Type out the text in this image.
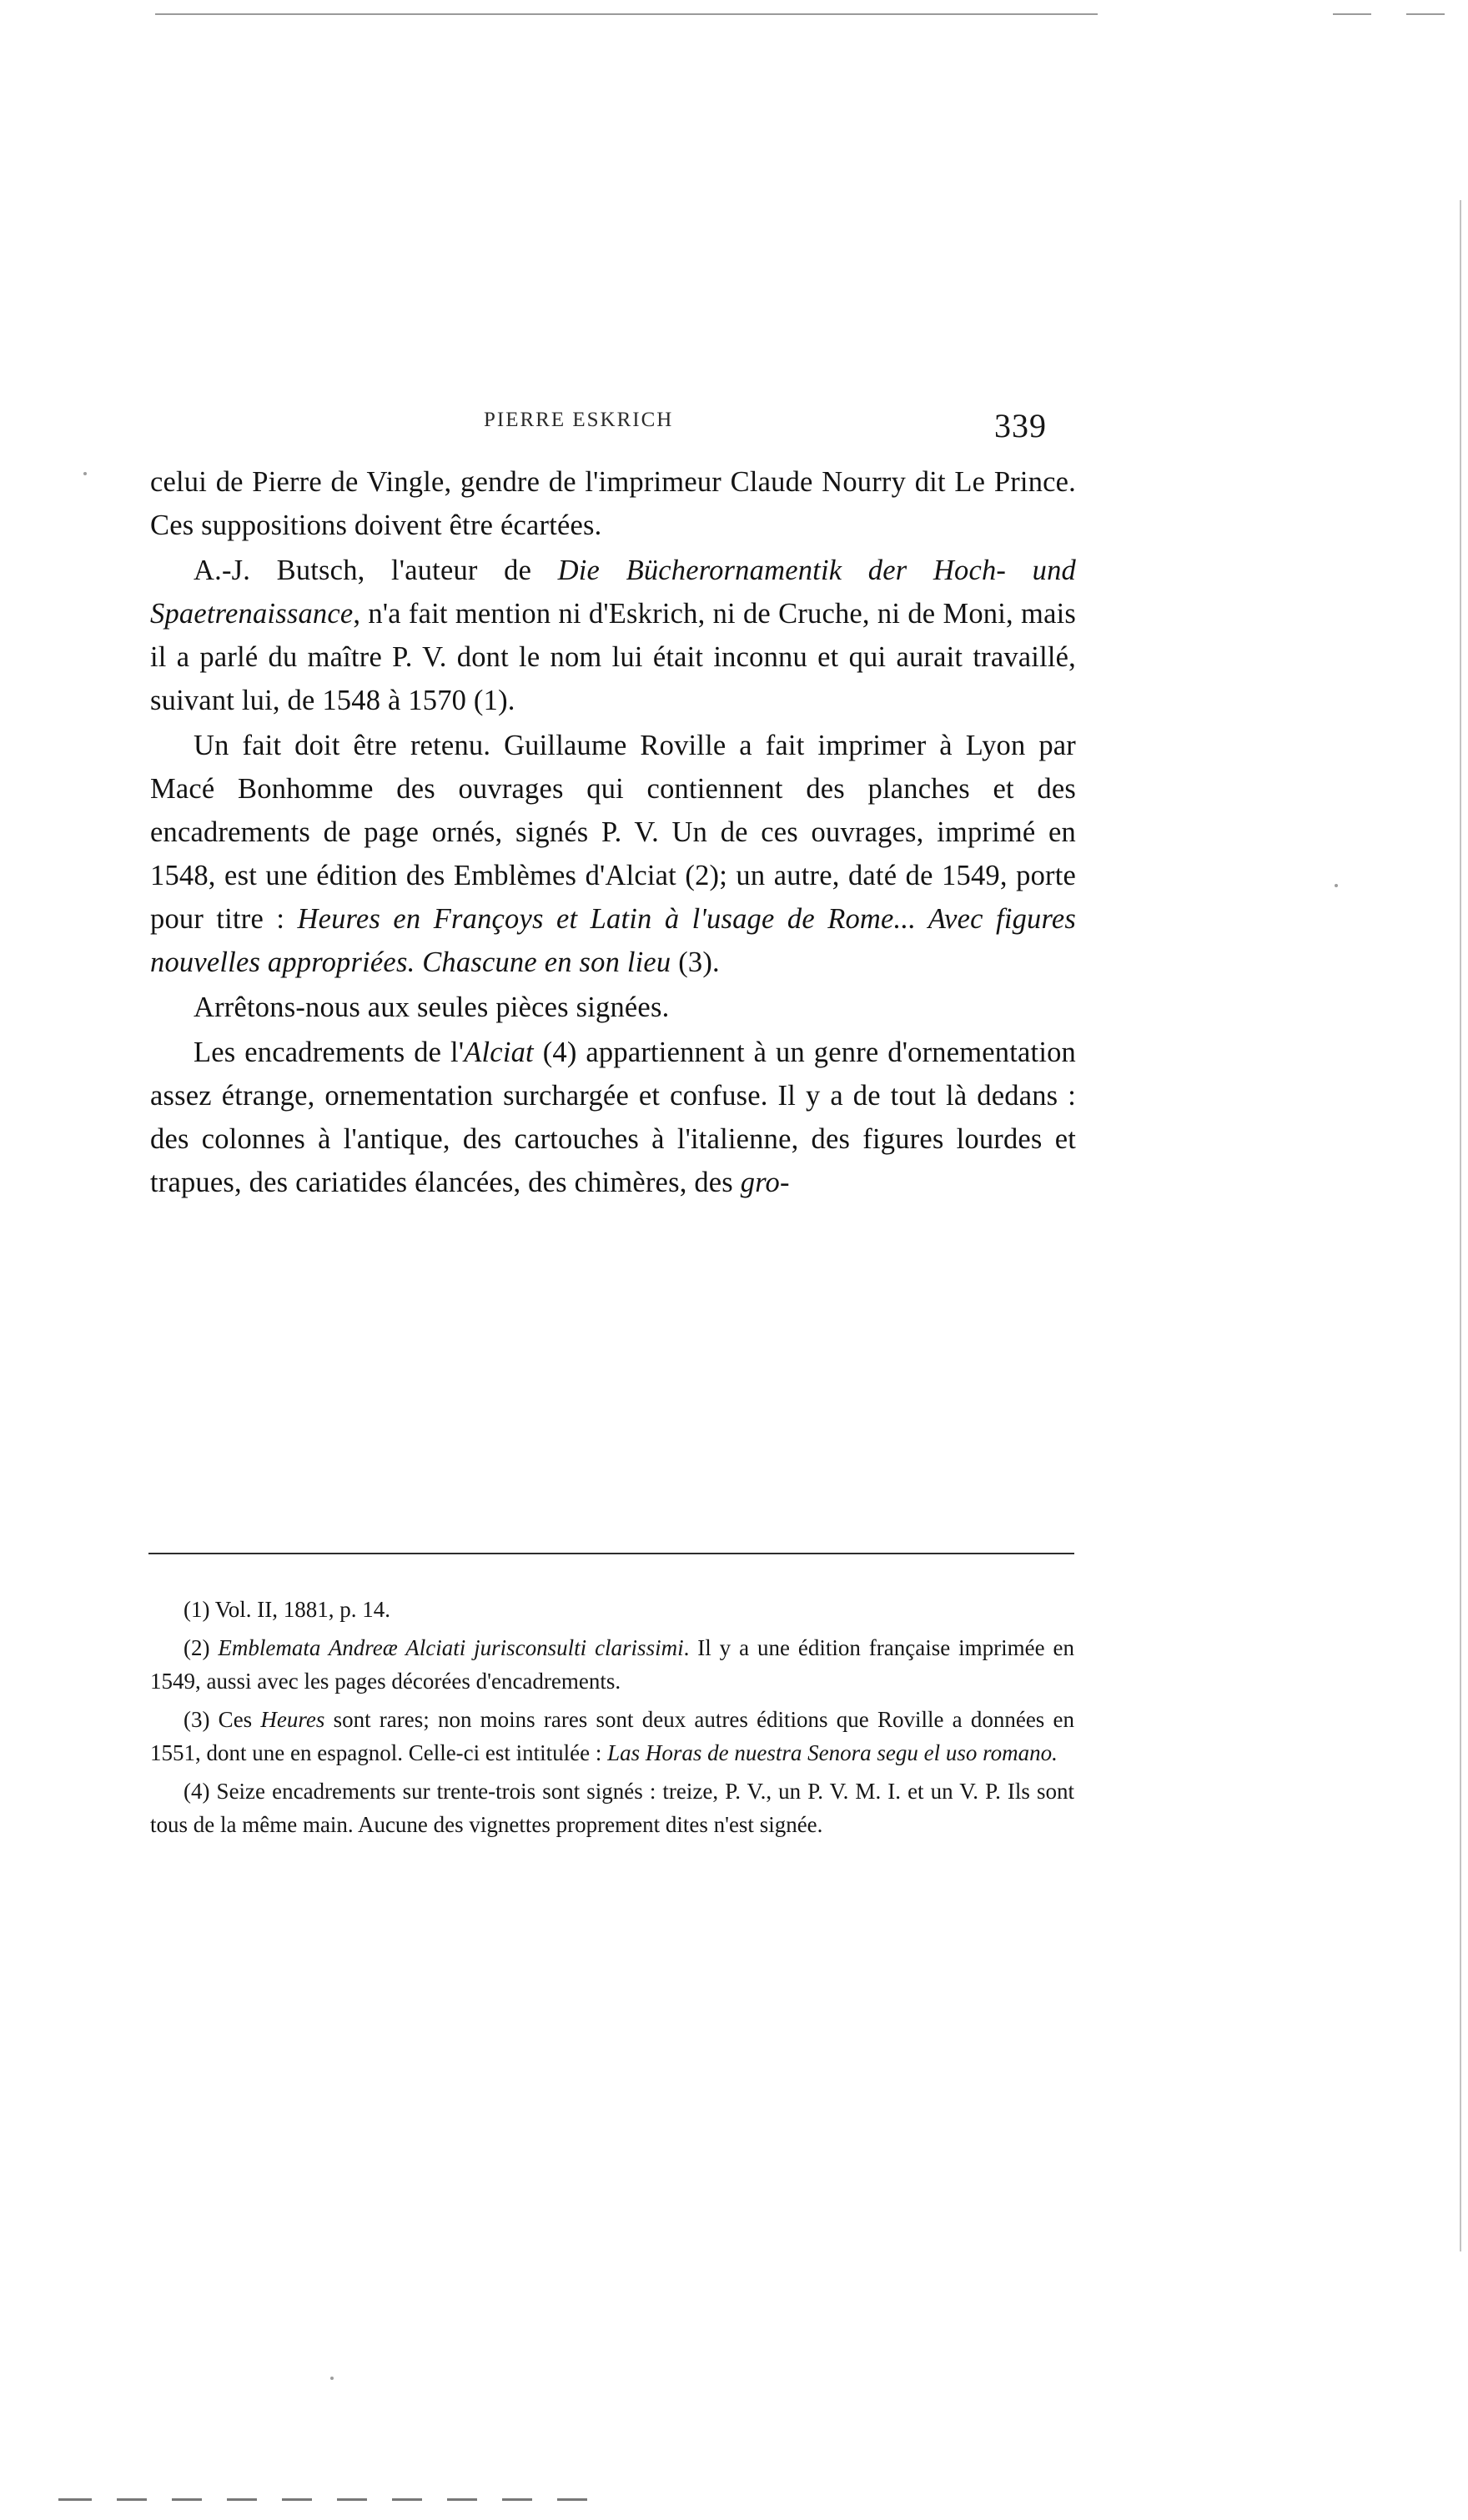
PIERRE ESKRICH	339

celui de Pierre de Vingle, gendre de l'imprimeur Claude Nourry dit Le Prince. Ces suppositions doivent être écartées.

A.-J. Butsch, l'auteur de Die Bücherornamentik der Hoch- und Spaetrenaissance, n'a fait mention ni d'Eskrich, ni de Cruche, ni de Moni, mais il a parlé du maître P. V. dont le nom lui était inconnu et qui aurait travaillé, suivant lui, de 1548 à 1570 (1).

Un fait doit être retenu. Guillaume Roville a fait imprimer à Lyon par Macé Bonhomme des ouvrages qui contiennent des planches et des encadrements de page ornés, signés P. V. Un de ces ouvrages, imprimé en 1548, est une édition des Emblèmes d'Alciat (2); un autre, daté de 1549, porte pour titre : Heures en Françoys et Latin à l'usage de Rome... Avec figures nouvelles appropriées. Chascune en son lieu (3).

Arrêtons-nous aux seules pièces signées.

Les encadrements de l'Alciat (4) appartiennent à un genre d'ornementation assez étrange, ornementation surchargée et confuse. Il y a de tout là dedans : des colonnes à l'antique, des cartouches à l'italienne, des figures lourdes et trapues, des cariatides élancées, des chimères, des gro-

(1) Vol. II, 1881, p. 14.

(2) Emblemata Andreæ Alciati jurisconsulti clarissimi. Il y a une édition française imprimée en 1549, aussi avec les pages décorées d'encadrements.

(3) Ces Heures sont rares; non moins rares sont deux autres éditions que Roville a données en 1551, dont une en espagnol. Celle-ci est intitulée : Las Horas de nuestra Senora segu el uso romano.

(4) Seize encadrements sur trente-trois sont signés : treize, P. V., un P. V. M. I. et un V. P. Ils sont tous de la même main. Aucune des vignettes proprement dites n'est signée.
